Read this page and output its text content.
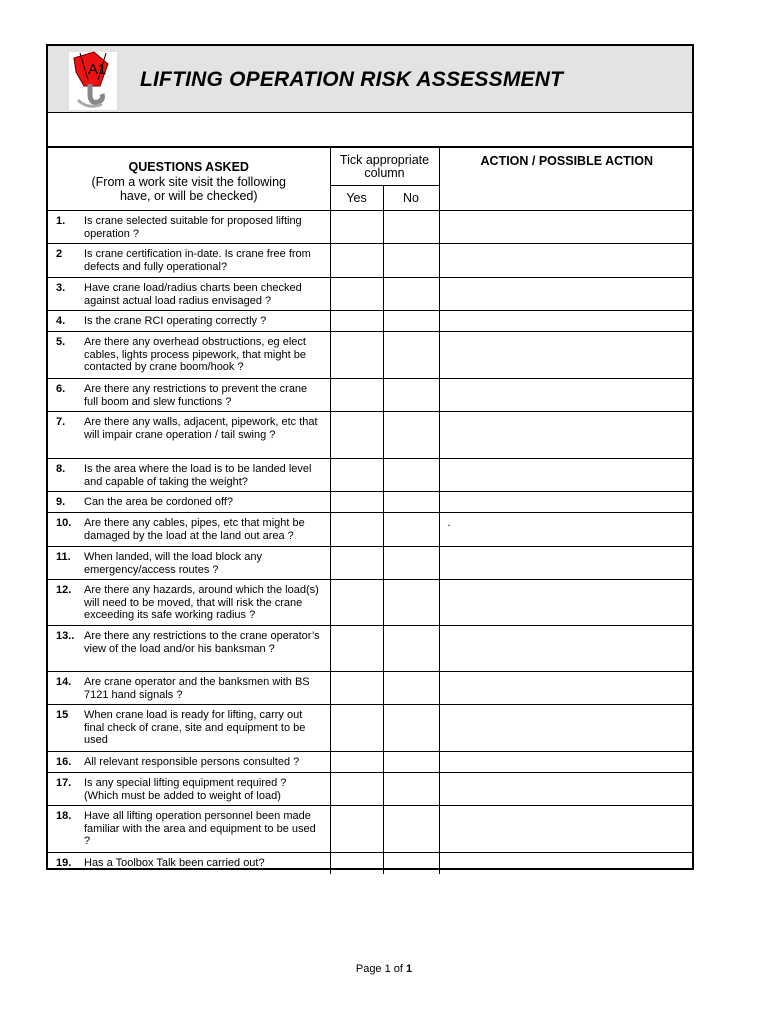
A1 LIFTING OPERATION RISK ASSESSMENT
QUESTIONS ASKED
(From a work site visit the following have, or will be checked)	Tick appropriate column		ACTION / POSSIBLE ACTION
	Yes	No	

1. Is crane selected suitable for proposed lifting operation ?			

2 Is crane certification in-date. Is crane free from defects and fully operational?			

3. Have crane load/radius charts been checked against actual load radius envisaged ?			

4. Is the crane RCI operating correctly ?			

5. Are there any overhead obstructions, eg elect cables, lights process pipework, that might be contacted by crane boom/hook ?			

6. Are there any restrictions to prevent the crane full boom and slew functions ?			

7. Are there any walls, adjacent, pipework, etc that will impair crane operation / tail swing ?			

8. Is the area where the load is to be landed level and capable of taking the weight?			

9. Can the area be cordoned off?			

10. Are there any cables, pipes, etc that might be damaged by the load at the land out area ?			.

11. When landed, will the load block any emergency/access routes ?			

12. Are there any hazards, around which the load(s) will need to be moved, that will risk the crane exceeding its safe working radius ?			

13.. Are there any restrictions to the crane operator’s view of the load and/or his banksman ?			

14. Are crane operator and the banksmen with BS 7121 hand signals ?			

15 When crane load is ready for lifting, carry out final check of crane, site and equipment to be used			

16. All relevant responsible persons consulted ?			

17. Is any special lifting equipment required ? (Which must be added to weight of load)			

18. Have all lifting operation personnel been made familiar with the area and equipment to be used ?			

19. Has a Toolbox Talk been carried out?			

Page 1 of 1
